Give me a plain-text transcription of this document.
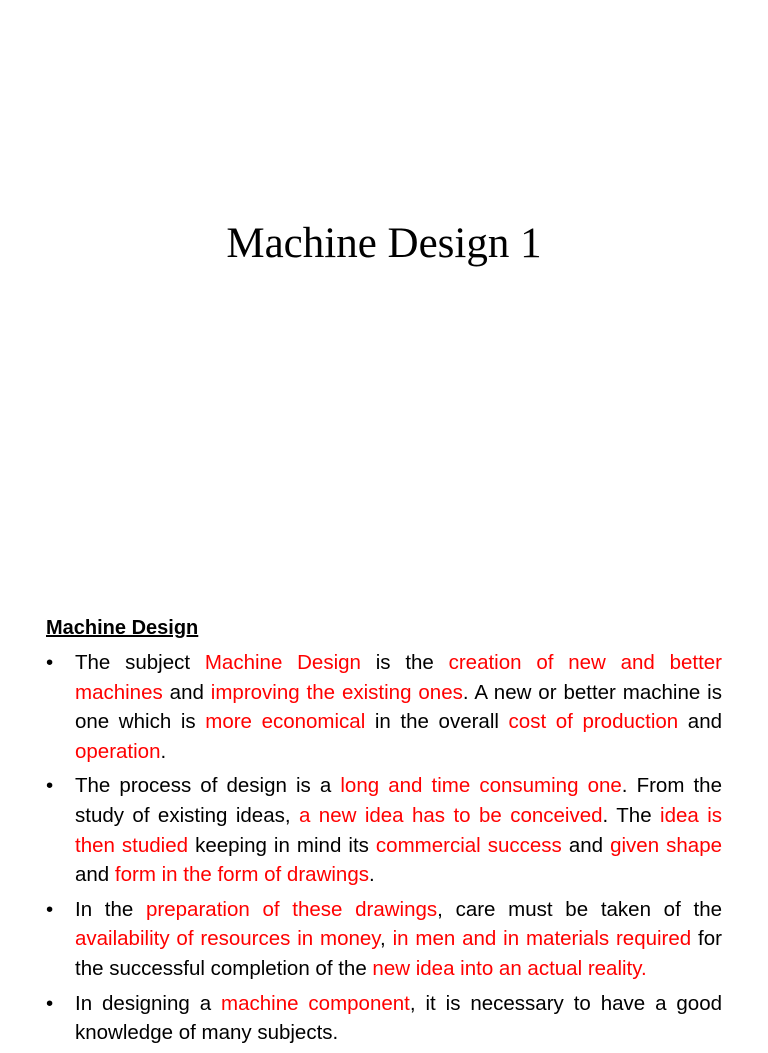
Machine Design 1
Machine Design
•	The subject Machine Design is the creation of new and better machines and improving the existing ones. A new or better machine is one which is more economical in the overall cost of production and operation.
•	The process of design is a long and time consuming one. From the study of existing ideas, a new idea has to be conceived. The idea is then studied keeping in mind its commercial success and given shape and form in the form of drawings.
•	In the preparation of these drawings, care must be taken of the availability of resources in money, in men and in materials required for the successful completion of the new idea into an actual reality.
•	In designing a machine component, it is necessary to have a good knowledge of many subjects.
